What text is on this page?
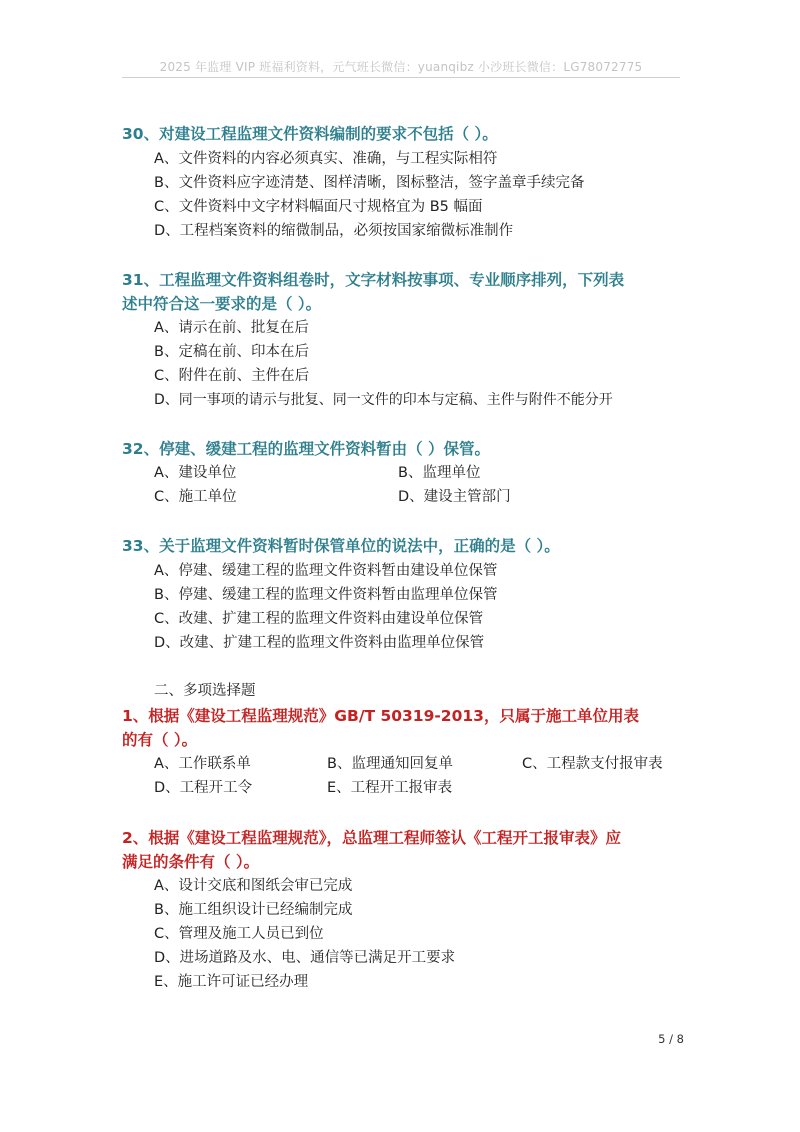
2025 年监理 VIP 班福利资料，元气班长微信：yuanqibz 小沙班长微信：LG78072775
30、对建设工程监理文件资料编制的要求不包括（ ）。
A、文件资料的内容必须真实、准确，与工程实际相符
B、文件资料应字迹清楚、图样清晰，图标整洁，签字盖章手续完备
C、文件资料中文字材料幅面尺寸规格宜为 B5 幅面
D、工程档案资料的缩微制品，必须按国家缩微标准制作
31、工程监理文件资料组卷时，文字材料按事项、专业顺序排列，下列表
述中符合这一要求的是（ ）。
A、请示在前、批复在后
B、定稿在前、印本在后
C、附件在前、主件在后
D、同一事项的请示与批复、同一文件的印本与定稿、主件与附件不能分开
32、停建、缓建工程的监理文件资料暂由（ ）保管。
A、建设单位	B、监理单位
C、施工单位	D、建设主管部门
33、关于监理文件资料暂时保管单位的说法中，正确的是（ ）。
A、停建、缓建工程的监理文件资料暂由建设单位保管
B、停建、缓建工程的监理文件资料暂由监理单位保管
C、改建、扩建工程的监理文件资料由建设单位保管
D、改建、扩建工程的监理文件资料由监理单位保管
二、多项选择题
1、根据《建设工程监理规范》GB/T 50319-2013，只属于施工单位用表
的有（ ）。
A、工作联系单	B、监理通知回复单	C、工程款支付报审表
D、工程开工令	E、工程开工报审表
2、根据《建设工程监理规范》，总监理工程师签认《工程开工报审表》应
满足的条件有（ ）。
A、设计交底和图纸会审已完成
B、施工组织设计已经编制完成
C、管理及施工人员已到位
D、进场道路及水、电、通信等已满足开工要求
E、施工许可证已经办理
5 / 8
